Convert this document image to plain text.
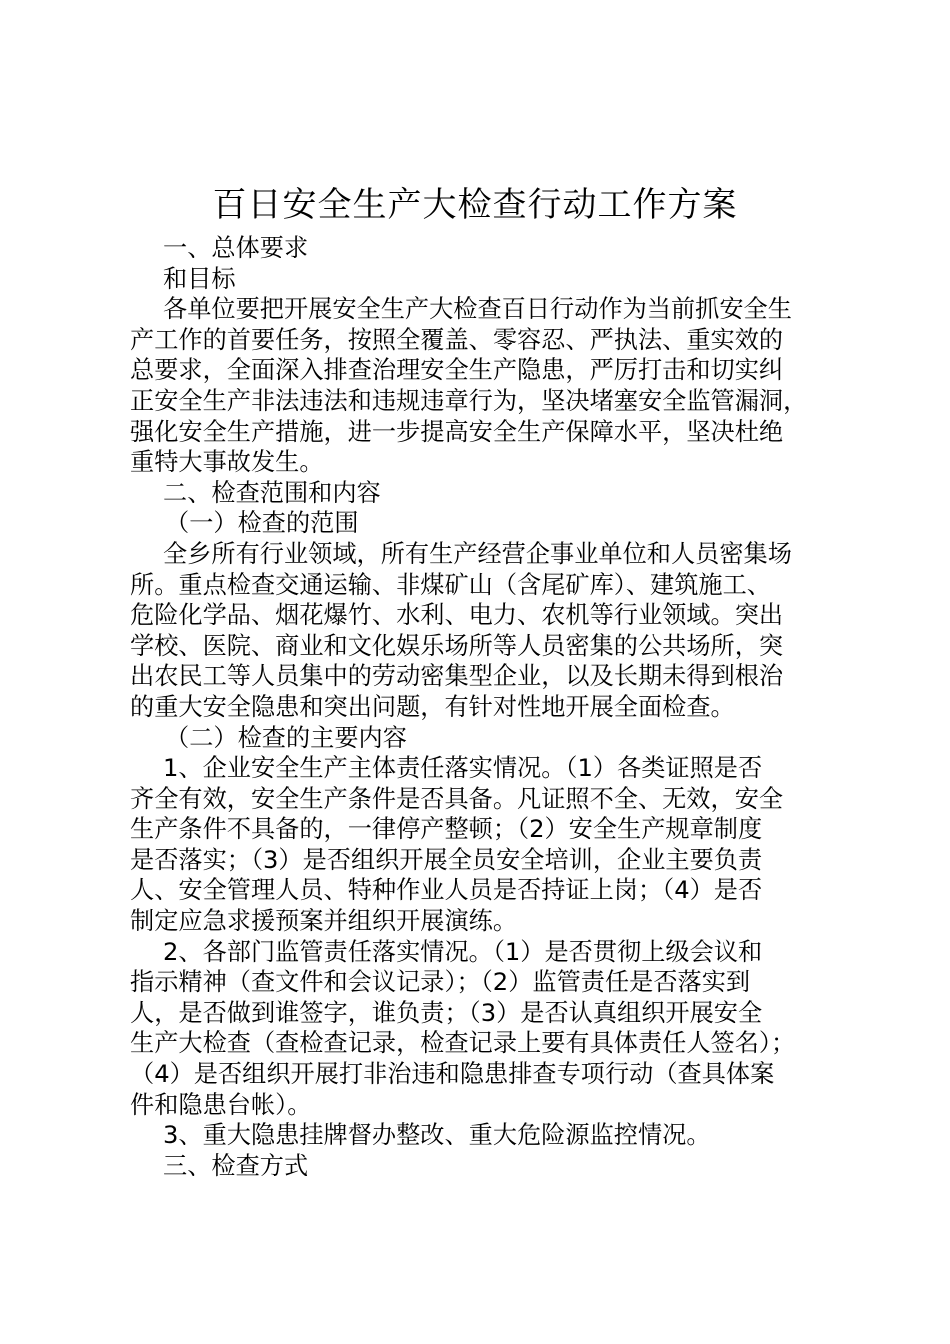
百日安全生产大检查行动工作方案
一、总体要求
和目标
各单位要把开展安全生产大检查百日行动作为当前抓安全生
产工作的首要任务，按照全覆盖、零容忍、严执法、重实效的
总要求，全面深入排查治理安全生产隐患，严厉打击和切实纠
正安全生产非法违法和违规违章行为，坚决堵塞安全监管漏洞，
强化安全生产措施，进一步提高安全生产保障水平，坚决杜绝
重特大事故发生。
二、检查范围和内容
（一）检查的范围
全乡所有行业领域，所有生产经营企事业单位和人员密集场
所。重点检查交通运输、非煤矿山（含尾矿库）、建筑施工、
危险化学品、烟花爆竹、水利、电力、农机等行业领域。突出
学校、医院、商业和文化娱乐场所等人员密集的公共场所，突
出农民工等人员集中的劳动密集型企业，以及长期未得到根治
的重大安全隐患和突出问题，有针对性地开展全面检查。
（二）检查的主要内容
1、企业安全生产主体责任落实情况。（1）各类证照是否
齐全有效，安全生产条件是否具备。凡证照不全、无效，安全
生产条件不具备的，一律停产整顿；（2）安全生产规章制度
是否落实；（3）是否组织开展全员安全培训，企业主要负责
人、安全管理人员、特种作业人员是否持证上岗；（4）是否
制定应急求援预案并组织开展演练。
2、各部门监管责任落实情况。（1）是否贯彻上级会议和
指示精神（查文件和会议记录）；（2）监管责任是否落实到
人，是否做到谁签字，谁负责；（3）是否认真组织开展安全
生产大检查（查检查记录，检查记录上要有具体责任人签名）；
（4）是否组织开展打非治违和隐患排查专项行动（查具体案
件和隐患台帐）。
3、重大隐患挂牌督办整改、重大危险源监控情况。
三、检查方式
